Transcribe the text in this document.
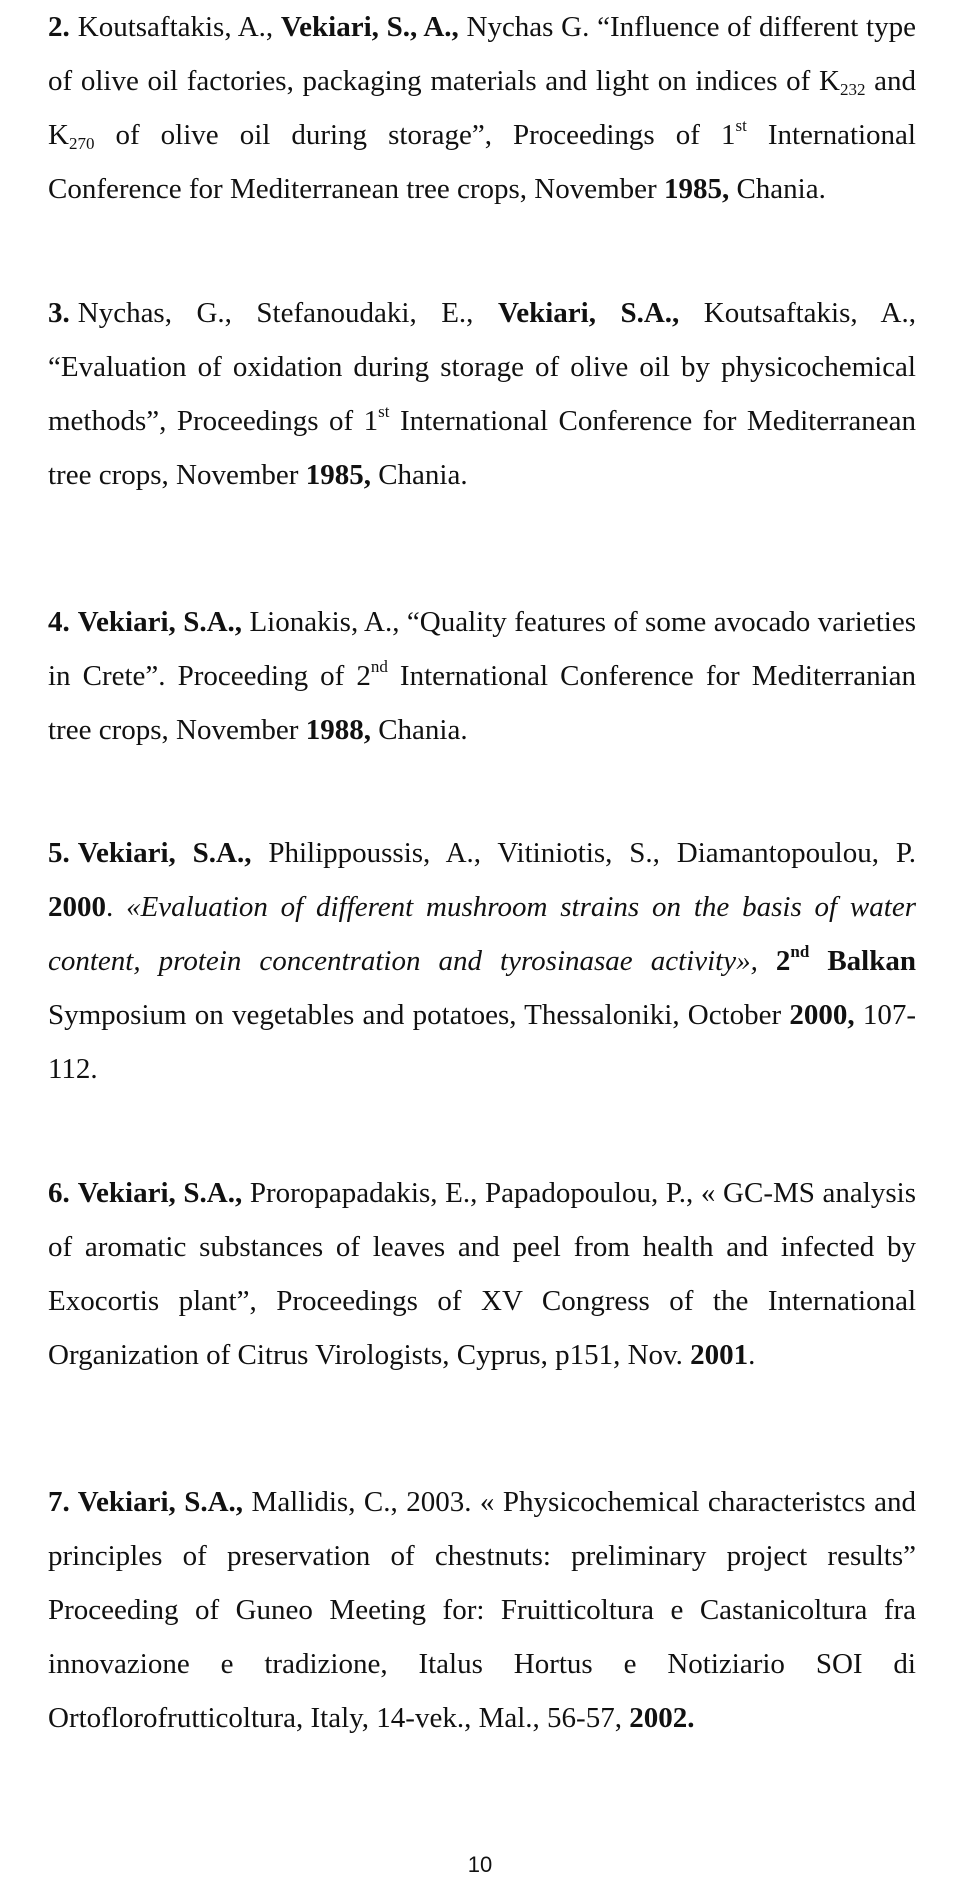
2. Koutsaftakis, A., Vekiari, S., A., Nychas G. “Influence of different type of olive oil factories, packaging materials and light on indices of $K_{232}$ and $K_{270}$ of olive oil during storage”, Proceedings of 1st International Conference for Mediterranean tree crops, November 1985, Chania.
3. Nychas, G., Stefanoudaki, E., Vekiari, S.A., Koutsaftakis, A., “Evaluation of oxidation during storage of olive oil by physicochemical methods”, Proceedings of 1st International Conference for Mediterranean tree crops, November 1985, Chania.
4. Vekiari, S.A., Lionakis, A., “Quality features of some avocado varieties in Crete”. Proceeding of 2nd International Conference for Mediterranian tree crops, November 1988, Chania.
5. Vekiari, S.A., Philippoussis, A., Vitiniotis, S., Diamantopoulou, P. 2000. «Evaluation of different mushroom strains on the basis of water content, protein concentration and tyrosinasae activity», 2nd Balkan Symposium on vegetables and potatoes, Thessaloniki, October 2000, 107-112.
6. Vekiari, S.A., Proropapadakis, E., Papadopoulou, P., « GC-MS analysis of aromatic substances of leaves and peel from health and infected by Exocortis plant”, Proceedings of XV Congress of the International Organization of Citrus Virologists, Cyprus, p151, Nov. 2001.
7. Vekiari, S.A., Mallidis, C., 2003. « Physicochemical characteristcs and principles of preservation of chestnuts: preliminary project results” Proceeding of Guneo Meeting for: Fruitticoltura e Castanicoltura fra innovazione e tradizione, Italus Hortus e Notiziario SOI di Ortoflorofrutticoltura, Italy, 14-vek., Mal., 56-57, 2002.
10
